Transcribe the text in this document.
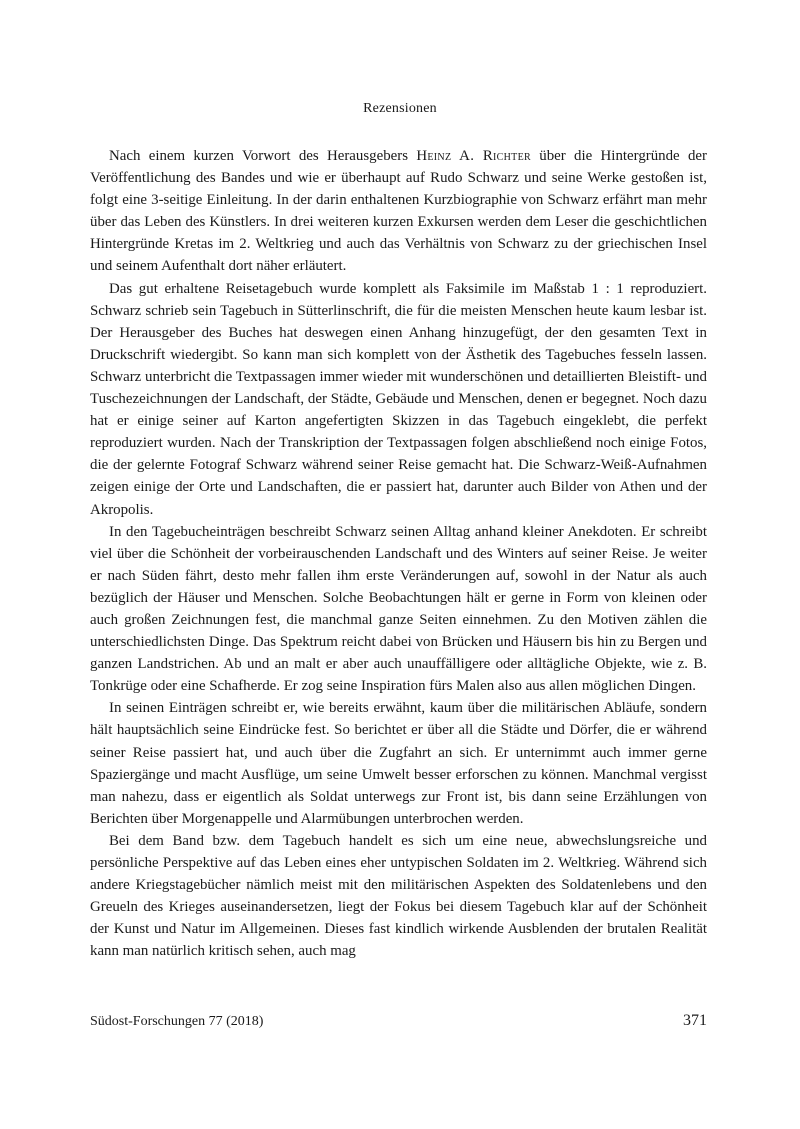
Rezensionen

Nach einem kurzen Vorwort des Herausgebers Heinz A. Richter über die Hintergründe der Veröffentlichung des Bandes und wie er überhaupt auf Rudo Schwarz und seine Werke gestoßen ist, folgt eine 3-seitige Einleitung. In der darin enthaltenen Kurzbiographie von Schwarz erfährt man mehr über das Leben des Künstlers. In drei weiteren kurzen Exkursen werden dem Leser die geschichtlichen Hintergründe Kretas im 2. Weltkrieg und auch das Verhältnis von Schwarz zu der griechischen Insel und seinem Aufenthalt dort näher erläutert.

Das gut erhaltene Reisetagebuch wurde komplett als Faksimile im Maßstab 1 : 1 reproduziert. Schwarz schrieb sein Tagebuch in Sütterlinschrift, die für die meisten Menschen heute kaum lesbar ist. Der Herausgeber des Buches hat deswegen einen Anhang hinzugefügt, der den gesamten Text in Druckschrift wiedergibt. So kann man sich komplett von der Ästhetik des Tagebuches fesseln lassen. Schwarz unterbricht die Textpassagen immer wieder mit wunderschönen und detaillierten Bleistift- und Tuschezeichnungen der Landschaft, der Städte, Gebäude und Menschen, denen er begegnet. Noch dazu hat er einige seiner auf Karton angefertigten Skizzen in das Tagebuch eingeklebt, die perfekt reproduziert wurden. Nach der Transkription der Textpassagen folgen abschließend noch einige Fotos, die der gelernte Fotograf Schwarz während seiner Reise gemacht hat. Die Schwarz-Weiß-Aufnahmen zeigen einige der Orte und Landschaften, die er passiert hat, darunter auch Bilder von Athen und der Akropolis.

In den Tagebucheinträgen beschreibt Schwarz seinen Alltag anhand kleiner Anekdoten. Er schreibt viel über die Schönheit der vorbeirauschenden Landschaft und des Winters auf seiner Reise. Je weiter er nach Süden fährt, desto mehr fallen ihm erste Veränderungen auf, sowohl in der Natur als auch bezüglich der Häuser und Menschen. Solche Beobachtungen hält er gerne in Form von kleinen oder auch großen Zeichnungen fest, die manchmal ganze Seiten einnehmen. Zu den Motiven zählen die unterschiedlichsten Dinge. Das Spektrum reicht dabei von Brücken und Häusern bis hin zu Bergen und ganzen Landstrichen. Ab und an malt er aber auch unauffälligere oder alltägliche Objekte, wie z. B. Tonkrüge oder eine Schafherde. Er zog seine Inspiration fürs Malen also aus allen möglichen Dingen.

In seinen Einträgen schreibt er, wie bereits erwähnt, kaum über die militärischen Abläufe, sondern hält hauptsächlich seine Eindrücke fest. So berichtet er über all die Städte und Dörfer, die er während seiner Reise passiert hat, und auch über die Zugfahrt an sich. Er unternimmt auch immer gerne Spaziergänge und macht Ausflüge, um seine Umwelt besser erforschen zu können. Manchmal vergisst man nahezu, dass er eigentlich als Soldat unterwegs zur Front ist, bis dann seine Erzählungen von Berichten über Morgenappelle und Alarmübungen unterbrochen werden.

Bei dem Band bzw. dem Tagebuch handelt es sich um eine neue, abwechslungsreiche und persönliche Perspektive auf das Leben eines eher untypischen Soldaten im 2. Weltkrieg. Während sich andere Kriegstagebücher nämlich meist mit den militärischen Aspekten des Soldatenlebens und den Greueln des Krieges auseinandersetzen, liegt der Fokus bei diesem Tagebuch klar auf der Schönheit der Kunst und Natur im Allgemeinen. Dieses fast kindlich wirkende Ausblenden der brutalen Realität kann man natürlich kritisch sehen, auch mag

Südost-Forschungen 77 (2018)	371
